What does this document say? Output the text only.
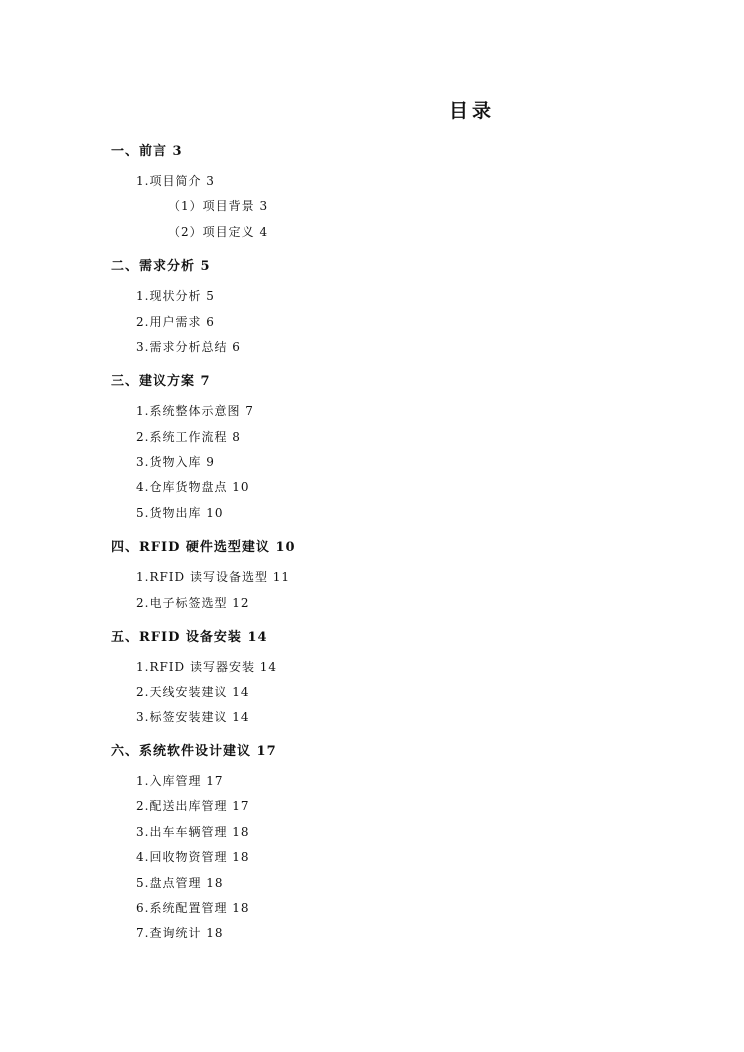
目录
一、前言 3
1.项目简介 3
（1）项目背景 3
（2）项目定义 4
二、需求分析 5
1.现状分析 5
2.用户需求 6
3.需求分析总结 6
三、建议方案 7
1.系统整体示意图 7
2.系统工作流程 8
3.货物入库 9
4.仓库货物盘点 10
5.货物出库 10
四、RFID 硬件选型建议 10
1.RFID 读写设备选型 11
2.电子标签选型 12
五、RFID 设备安装 14
1.RFID 读写器安装 14
2.天线安装建议 14
3.标签安装建议 14
六、系统软件设计建议 17
1.入库管理 17
2.配送出库管理 17
3.出车车辆管理 18
4.回收物资管理 18
5.盘点管理 18
6.系统配置管理 18
7.查询统计 18
